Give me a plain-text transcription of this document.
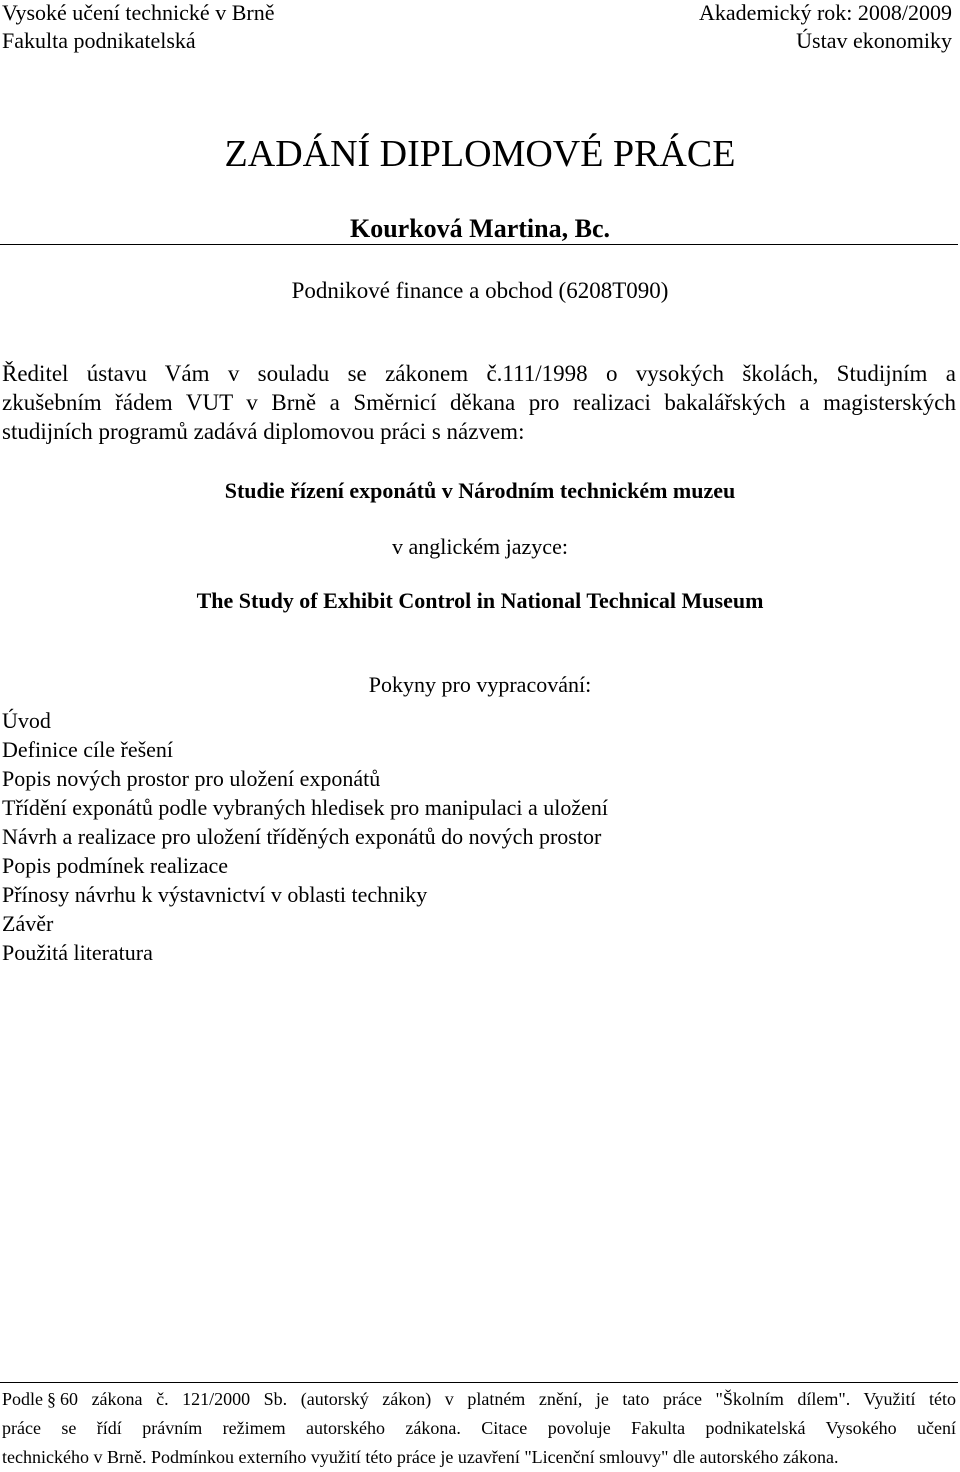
Vysoké učení technické v Brně
Fakulta podnikatelská
Akademický rok: 2008/2009
Ústav ekonomiky
ZADÁNÍ DIPLOMOVÉ PRÁCE
Kourková Martina, Bc.
Podnikové finance a obchod (6208T090)
Ředitel ústavu Vám v souladu se zákonem č.111/1998 o vysokých školách, Studijním a
zkušebním řádem VUT v Brně a Směrnicí děkana pro realizaci bakalářských a magisterských
studijních programů zadává diplomovou práci s názvem:
Studie řízení exponátů v Národním technickém muzeu
v anglickém jazyce:
The Study of Exhibit Control in National Technical Museum
Pokyny pro vypracování:
Úvod
Definice cíle řešení
Popis nových prostor pro uložení exponátů
Třídění exponátů podle vybraných hledisek pro manipulaci a uložení
Návrh a realizace pro uložení tříděných exponátů do nových prostor
Popis podmínek realizace
Přínosy návrhu k výstavnictví v oblasti techniky
Závěr
Použitá literatura
Podle § 60 zákona č. 121/2000 Sb. (autorský zákon) v platném znění, je tato práce "Školním dílem". Využití této
práce se řídí právním režimem autorského zákona. Citace povoluje Fakulta podnikatelská Vysokého učení
technického v Brně. Podmínkou externího využití této práce je uzavření "Licenční smlouvy" dle autorského zákona.
